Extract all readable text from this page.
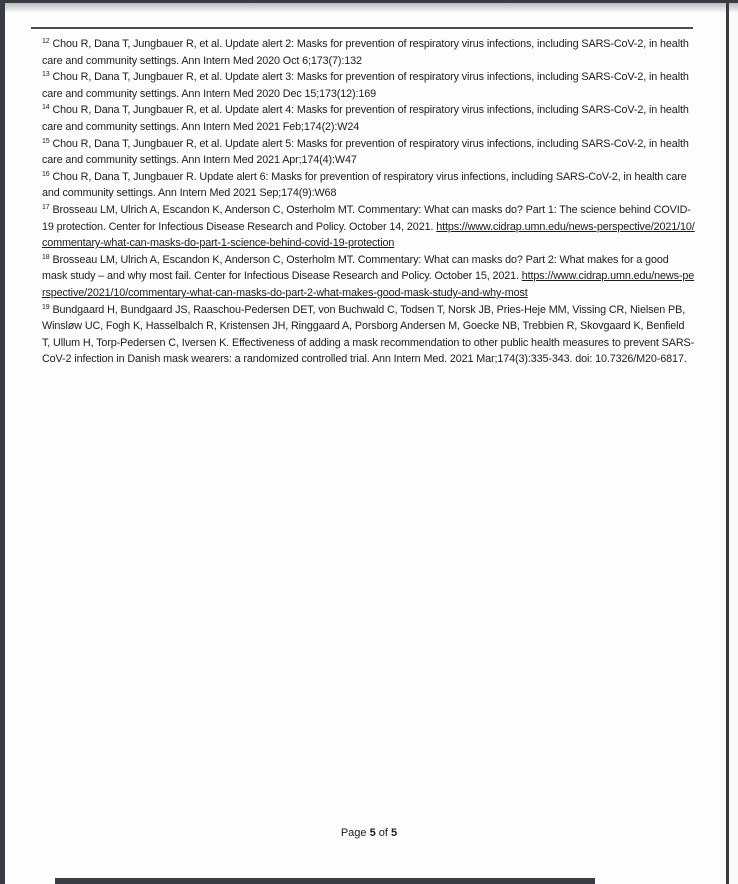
$^{12}$ Chou R, Dana T, Jungbauer R, et al. Update alert 2: Masks for prevention of respiratory virus infections, including SARS-CoV-2, in health care and community settings. Ann Intern Med 2020 Oct 6;173(7):132

$^{13}$ Chou R, Dana T, Jungbauer R, et al. Update alert 3: Masks for prevention of respiratory virus infections, including SARS-CoV-2, in health care and community settings. Ann Intern Med 2020 Dec 15;173(12):169

$^{14}$ Chou R, Dana T, Jungbauer R, et al. Update alert 4: Masks for prevention of respiratory virus infections, including SARS-CoV-2, in health care and community settings. Ann Intern Med 2021 Feb;174(2):W24

$^{15}$ Chou R, Dana T, Jungbauer R, et al. Update alert 5: Masks for prevention of respiratory virus infections, including SARS-CoV-2, in health care and community settings. Ann Intern Med 2021 Apr;174(4):W47

$^{16}$ Chou R, Dana T, Jungbauer R. Update alert 6: Masks for prevention of respiratory virus infections, including SARS-CoV-2, in health care and community settings. Ann Intern Med 2021 Sep;174(9):W68

$^{17}$ Brosseau LM, Ulrich A, Escandon K, Anderson C, Osterholm MT. Commentary: What can masks do? Part 1: The science behind COVID-19 protection. Center for Infectious Disease Research and Policy. October 14, 2021. https://www.cidrap.umn.edu/news-perspective/2021/10/commentary-what-can-masks-do-part-1-science-behind-covid-19-protection

$^{18}$ Brosseau LM, Ulrich A, Escandon K, Anderson C, Osterholm MT. Commentary: What can masks do? Part 2: What makes for a good mask study – and why most fail. Center for Infectious Disease Research and Policy. October 15, 2021. https://www.cidrap.umn.edu/news-perspective/2021/10/commentary-what-can-masks-do-part-2-what-makes-good-mask-study-and-why-most

$^{19}$ Bundgaard H, Bundgaard JS, Raaschou-Pedersen DET, von Buchwald C, Todsen T, Norsk JB, Pries-Heje MM, Vissing CR, Nielsen PB, Winsløw UC, Fogh K, Hasselbalch R, Kristensen JH, Ringgaard A, Porsborg Andersen M, Goecke NB, Trebbien R, Skovgaard K, Benfield T, Ullum H, Torp-Pedersen C, Iversen K. Effectiveness of adding a mask recommendation to other public health measures to prevent SARS-CoV-2 infection in Danish mask wearers: a randomized controlled trial. Ann Intern Med. 2021 Mar;174(3):335-343. doi: 10.7326/M20-6817.

Page 5 of 5
